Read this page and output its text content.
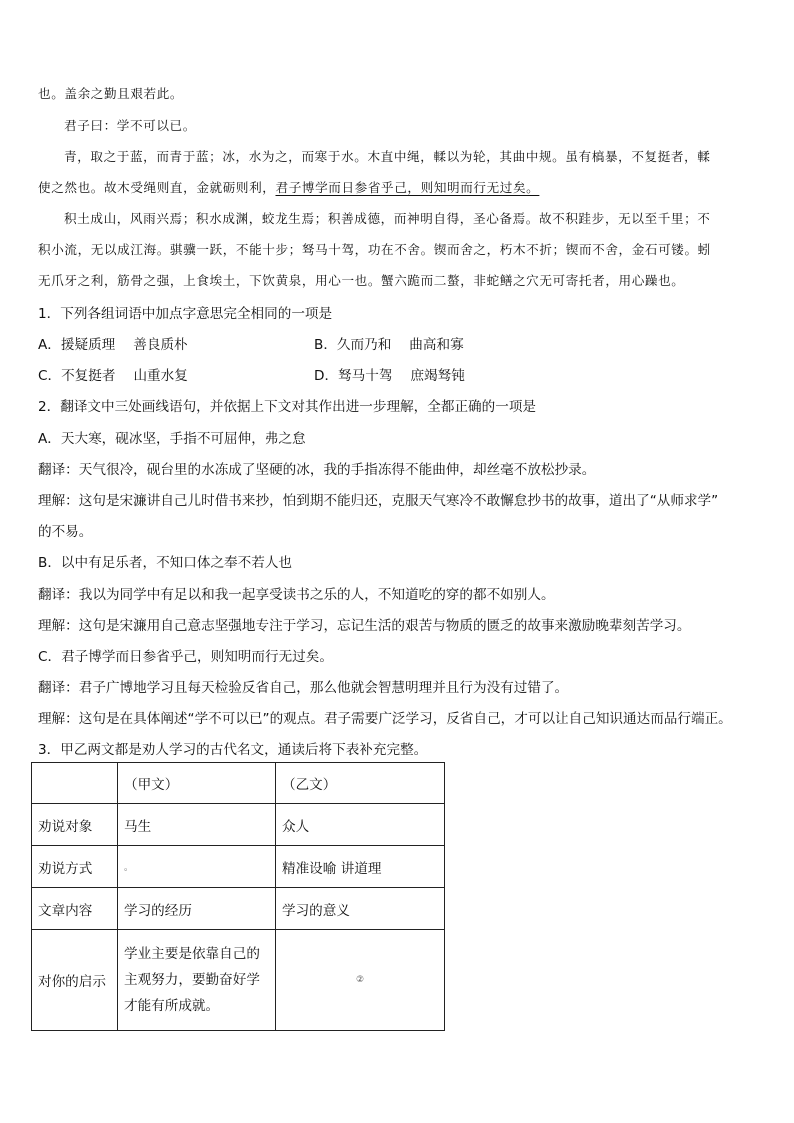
也。盖余之勤且艰若此。
君子曰：学不可以已。
青，取之于蓝，而青于蓝；冰，水为之，而寒于水。木直中绳，輮以为轮，其曲中规。虽有槁暴，不复挺者，輮
使之然也。故木受绳则直，金就砺则利，君子博学而日参省乎己，则知明而行无过矣。
积土成山，风雨兴焉；积水成渊，蛟龙生焉；积善成德，而神明自得，圣心备焉。故不积跬步，无以至千里；不
积小流，无以成江海。骐骥一跃，不能十步；驽马十驾，功在不舍。锲而舍之，朽木不折；锲而不舍，金石可镂。蚓
无爪牙之利，筋骨之强，上食埃土，下饮黄泉，用心一也。蟹六跪而二螯，非蛇鳝之穴无可寄托者，用心躁也。
1．下列各组词语中加点字意思完全相同的一项是
A．援疑质理 善良质朴	B．久而乃和 曲高和寡
C．不复挺者 山重水复	D．驽马十驾 庶竭驽钝
2．翻译文中三处画线语句，并依据上下文对其作出进一步理解，全都正确的一项是
A．天大寒，砚冰坚，手指不可屈伸，弗之怠
翻译：天气很冷，砚台里的水冻成了坚硬的冰，我的手指冻得不能曲伸，却丝毫不放松抄录。
理解：这句是宋濂讲自己儿时借书来抄，怕到期不能归还，克服天气寒冷不敢懈怠抄书的故事，道出了“从师求学”
的不易。
B．以中有足乐者，不知口体之奉不若人也
翻译：我以为同学中有足以和我一起享受读书之乐的人，不知道吃的穿的都不如别人。
理解：这句是宋濂用自己意志坚强地专注于学习，忘记生活的艰苦与物质的匮乏的故事来激励晚辈刻苦学习。
C．君子博学而日参省乎己，则知明而行无过矣。
翻译：君子广博地学习且每天检验反省自己，那么他就会智慧明理并且行为没有过错了。
理解：这句是在具体阐述“学不可以已”的观点。君子需要广泛学习，反省自己，才可以让自己知识通达而品行端正。
3．甲乙两文都是劝人学习的古代名文，通读后将下表补充完整。
	（甲文）	（乙文）
劝说对象	马生	众人
劝说方式	。	精准设喻 讲道理
文章内容	学习的经历	学习的意义
对你的启示	学业主要是依靠自己的主观努力，要勤奋好学才能有所成就。	②
